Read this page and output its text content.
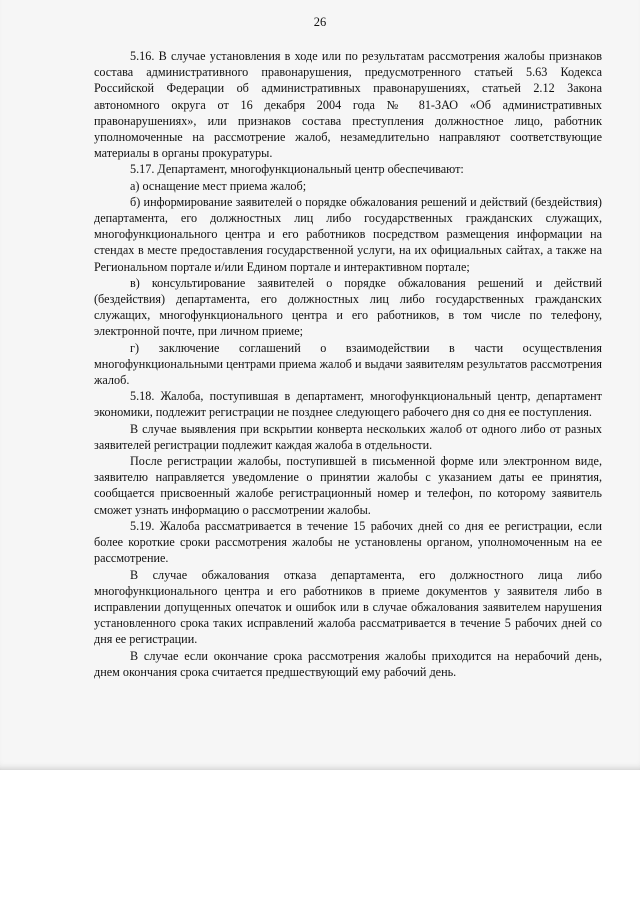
26

5.16. В случае установления в ходе или по результатам рассмотрения жалобы признаков состава административного правонарушения, предусмотренного статьей 5.63 Кодекса Российской Федерации об административных правонарушениях, статьей 2.12 Закона автономного округа от 16 декабря 2004 года № 81-ЗАО «Об административных правонарушениях», или признаков состава преступления должностное лицо, работник уполномоченные на рассмотрение жалоб, незамедлительно направляют соответствующие материалы в органы прокуратуры.

5.17. Департамент, многофункциональный центр обеспечивают:

а) оснащение мест приема жалоб;

б) информирование заявителей о порядке обжалования решений и действий (бездействия) департамента, его должностных лиц либо государственных гражданских служащих, многофункционального центра и его работников посредством размещения информации на стендах в месте предоставления государственной услуги, на их официальных сайтах, а также на Региональном портале и/или Едином портале и интерактивном портале;

в) консультирование заявителей о порядке обжалования решений и действий (бездействия) департамента, его должностных лиц либо государственных гражданских служащих, многофункционального центра и его работников, в том числе по телефону, электронной почте, при личном приеме;

г) заключение соглашений о взаимодействии в части осуществления многофункциональными центрами приема жалоб и выдачи заявителям результатов рассмотрения жалоб.

5.18. Жалоба, поступившая в департамент, многофункциональный центр, департамент экономики, подлежит регистрации не позднее следующего рабочего дня со дня ее поступления.

В случае выявления при вскрытии конверта нескольких жалоб от одного либо от разных заявителей регистрации подлежит каждая жалоба в отдельности.

После регистрации жалобы, поступившей в письменной форме или электронном виде, заявителю направляется уведомление о принятии жалобы с указанием даты ее принятия, сообщается присвоенный жалобе регистрационный номер и телефон, по которому заявитель сможет узнать информацию о рассмотрении жалобы.

5.19. Жалоба рассматривается в течение 15 рабочих дней со дня ее регистрации, если более короткие сроки рассмотрения жалобы не установлены органом, уполномоченным на ее рассмотрение.

В случае обжалования отказа департамента, его должностного лица либо многофункционального центра и его работников в приеме документов у заявителя либо в исправлении допущенных опечаток и ошибок или в случае обжалования заявителем нарушения установленного срока таких исправлений жалоба рассматривается в течение 5 рабочих дней со дня ее регистрации.

В случае если окончание срока рассмотрения жалобы приходится на нерабочий день, днем окончания срока считается предшествующий ему рабочий день.
